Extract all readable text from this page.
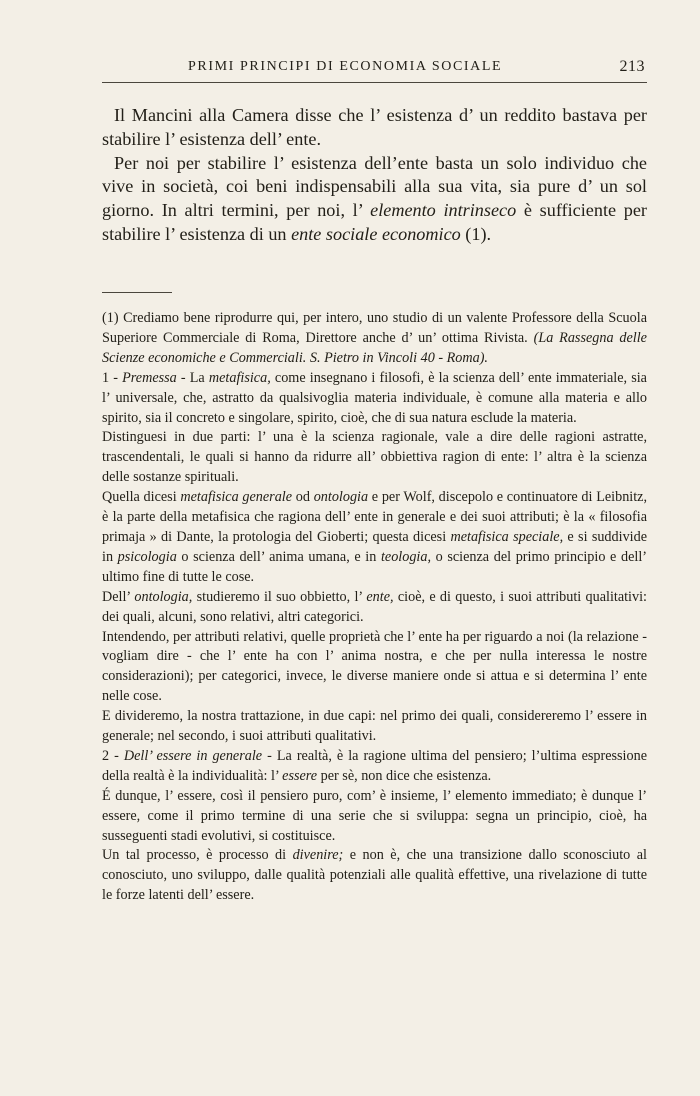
PRIMI PRINCIPI DI ECONOMIA SOCIALE	213

Il Mancini alla Camera disse che l’ esistenza d’ un reddito bastava per stabilire l’ esistenza dell’ ente.

Per noi per stabilire l’ esistenza dell’ente basta un solo individuo che vive in società, coi beni indispensabili alla sua vita, sia pure d’ un sol giorno. In altri termini, per noi, l’ elemento intrinseco è sufficiente per stabilire l’ esistenza di un ente sociale economico (1).

(1) Crediamo bene riprodurre qui, per intero, uno studio di un valente Professore della Scuola Superiore Commerciale di Roma, Direttore anche d’ un’ ottima Rivista. (La Rassegna delle Scienze economiche e Commerciali. S. Pietro in Vincoli 40 - Roma).

1 - Premessa - La metafisica, come insegnano i filosofi, è la scienza dell’ ente immateriale, sia l’ universale, che, astratto da qualsivoglia materia individuale, è comune alla materia e allo spirito, sia il concreto e singolare, spirito, cioè, che di sua natura esclude la materia.

Distinguesi in due parti: l’ una è la scienza ragionale, vale a dire delle ragioni astratte, trascendentali, le quali si hanno da ridurre all’ obbiettiva ragion di ente: l’ altra è la scienza delle sostanze spirituali.

Quella dicesi metafisica generale od ontologia e per Wolf, discepolo e continuatore di Leibnitz, è la parte della metafisica che ragiona dell’ ente in generale e dei suoi attributi; è la « filosofia primaja » di Dante, la protologia del Gioberti; questa dicesi metafisica speciale, e si suddivide in psicologia o scienza dell’ anima umana, e in teologia, o scienza del primo principio e dell’ ultimo fine di tutte le cose.

Dell’ ontologia, studieremo il suo obbietto, l’ ente, cioè, e di questo, i suoi attributi qualitativi: dei quali, alcuni, sono relativi, altri categorici.

Intendendo, per attributi relativi, quelle proprietà che l’ ente ha per riguardo a noi (la relazione - vogliam dire - che l’ ente ha con l’ anima nostra, e che per nulla interessa le nostre considerazioni); per categorici, invece, le diverse maniere onde si attua e si determina l’ ente nelle cose.

E divideremo, la nostra trattazione, in due capi: nel primo dei quali, considereremo l’ essere in generale; nel secondo, i suoi attributi qualitativi.

2 - Dell’ essere in generale - La realtà, è la ragione ultima del pensiero; l’ultima espressione della realtà è la individualità: l’ essere per sè, non dice che esistenza.

É dunque, l’ essere, così il pensiero puro, com’ è insieme, l’ elemento immediato; è dunque l’ essere, come il primo termine di una serie che si sviluppa: segna un principio, cioè, ha susseguenti stadi evolutivi, si costituisce.

Un tal processo, è processo di divenire; e non è, che una transizione dallo sconosciuto al conosciuto, uno sviluppo, dalle qualità potenziali alle qualità effettive, una rivelazione di tutte le forze latenti dell’ essere.
